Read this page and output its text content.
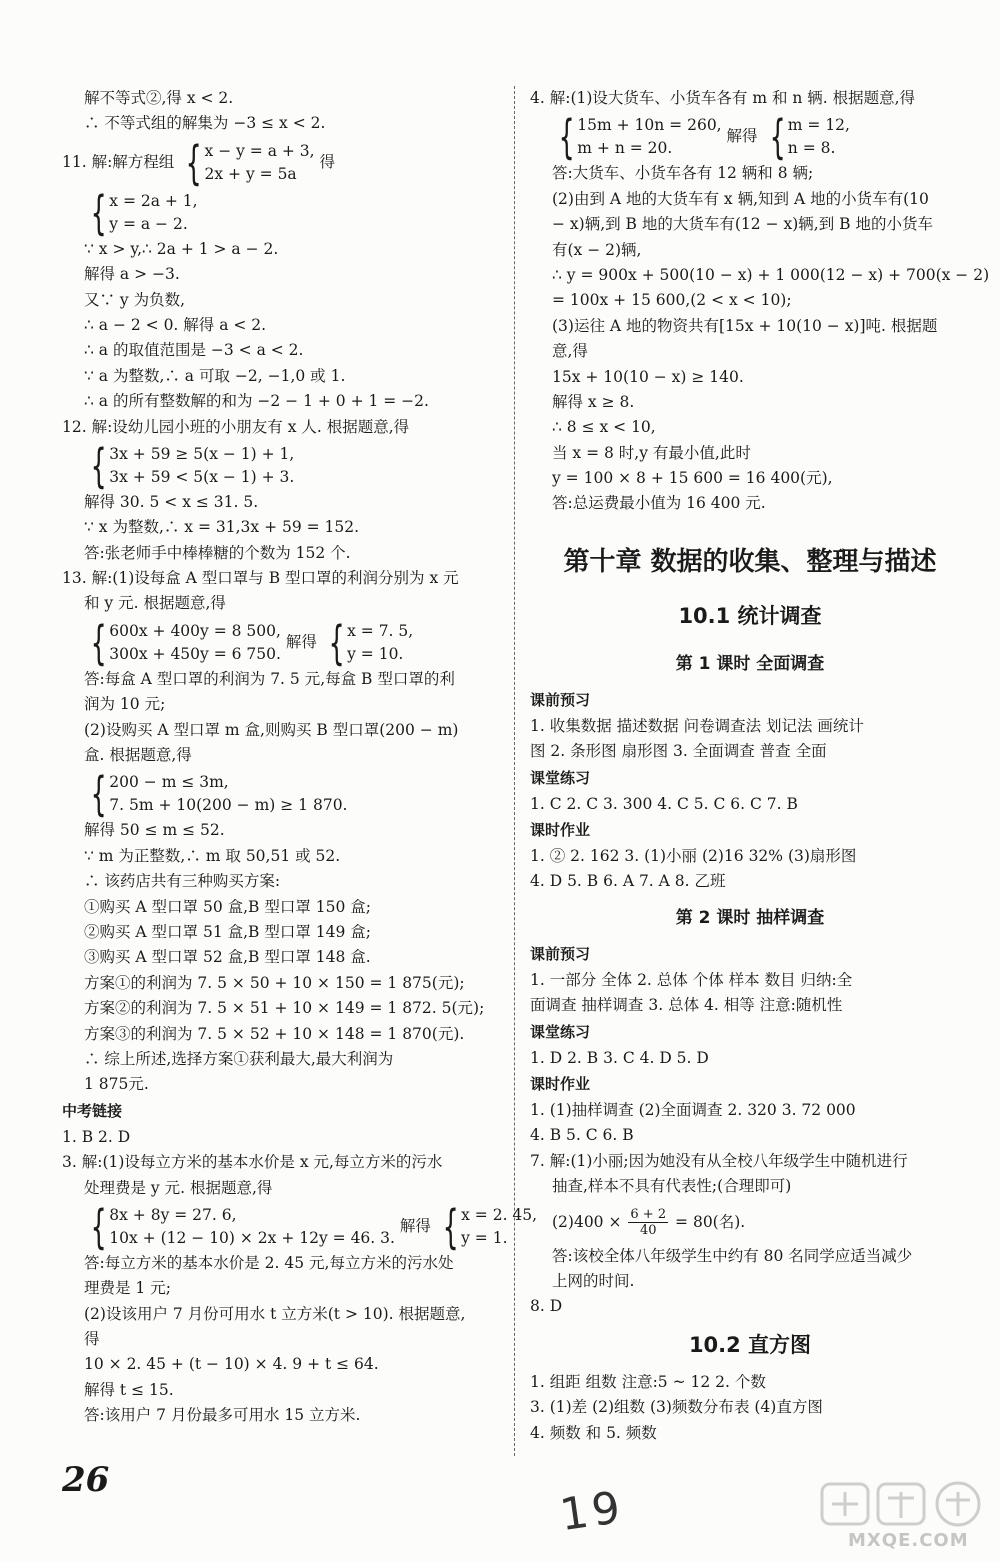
解不等式②,得 x < 2.
∴ 不等式组的解集为 −3 ≤ x < 2.
11. 解:解方程组 { x − y = a + 3,
2x + y = 5a
得
{ x = 2a + 1,
y = a − 2.
∵ x > y,∴ 2a + 1 > a − 2.
解得 a > −3.
又∵ y 为负数,
∴ a − 2 < 0. 解得 a < 2.
∴ a 的取值范围是 −3 < a < 2.
∵ a 为整数,∴ a 可取 −2, −1,0 或 1.
∴ a 的所有整数解的和为 −2 − 1 + 0 + 1 = −2.
12. 解:设幼儿园小班的小朋友有 x 人. 根据题意,得
{ 3x + 59 ≥ 5(x − 1) + 1,
3x + 59 < 5(x − 1) + 3.
解得 30. 5 < x ≤ 31. 5.
∵ x 为整数,∴ x = 31,3x + 59 = 152.
答:张老师手中棒棒糖的个数为 152 个.
13. 解:(1)设每盒 A 型口罩与 B 型口罩的利润分别为 x 元
和 y 元. 根据题意,得
{ 600x + 400y = 8 500,
300x + 450y = 6 750.
解得 { x = 7. 5,
y = 10.
答:每盒 A 型口罩的利润为 7. 5 元,每盒 B 型口罩的利
润为 10 元;
(2)设购买 A 型口罩 m 盒,则购买 B 型口罩(200 − m)
盒. 根据题意,得
{ 200 − m ≤ 3m,
7. 5m + 10(200 − m) ≥ 1 870.
解得 50 ≤ m ≤ 52.
∵ m 为正整数,∴ m 取 50,51 或 52.
∴ 该药店共有三种购买方案:
①购买 A 型口罩 50 盒,B 型口罩 150 盒;
②购买 A 型口罩 51 盒,B 型口罩 149 盒;
③购买 A 型口罩 52 盒,B 型口罩 148 盒.
方案①的利润为 7. 5 × 50 + 10 × 150 = 1 875(元);
方案②的利润为 7. 5 × 51 + 10 × 149 = 1 872. 5(元);
方案③的利润为 7. 5 × 52 + 10 × 148 = 1 870(元).
∴ 综上所述,选择方案①获利最大,最大利润为
1 875元.
中考链接
1. B 2. D
3. 解:(1)设每立方米的基本水价是 x 元,每立方米的污水
处理费是 y 元. 根据题意,得
{ 8x + 8y = 27. 6,
10x + (12 − 10) × 2x + 12y = 46. 3.
解得 { x = 2. 45,
y = 1.
答:每立方米的基本水价是 2. 45 元,每立方米的污水处
理费是 1 元;
(2)设该用户 7 月份可用水 t 立方米(t > 10). 根据题意,
得
10 × 2. 45 + (t − 10) × 4. 9 + t ≤ 64.
解得 t ≤ 15.
答:该用户 7 月份最多可用水 15 立方米.
4. 解:(1)设大货车、小货车各有 m 和 n 辆. 根据题意,得
{ 15m + 10n = 260,
m + n = 20.
解得 { m = 12,
n = 8.
答:大货车、小货车各有 12 辆和 8 辆;
(2)由到 A 地的大货车有 x 辆,知到 A 地的小货车有(10
− x)辆,到 B 地的大货车有(12 − x)辆,到 B 地的小货车
有(x − 2)辆,
∴ y = 900x + 500(10 − x) + 1 000(12 − x) + 700(x − 2)
= 100x + 15 600,(2 < x < 10);
(3)运往 A 地的物资共有[15x + 10(10 − x)]吨. 根据题
意,得
15x + 10(10 − x) ≥ 140.
解得 x ≥ 8.
∴ 8 ≤ x < 10,
当 x = 8 时,y 有最小值,此时
y = 100 × 8 + 15 600 = 16 400(元),
答:总运费最小值为 16 400 元.
第十章 数据的收集、整理与描述
10.1 统计调查
第 1 课时 全面调查
课前预习
1. 收集数据 描述数据 问卷调查法 划记法 画统计
图 2. 条形图 扇形图 3. 全面调查 普查 全面
课堂练习
1. C 2. C 3. 300 4. C 5. C 6. C 7. B
课时作业
1. ② 2. 162 3. (1)小丽 (2)16 32% (3)扇形图
4. D 5. B 6. A 7. A 8. 乙班
第 2 课时 抽样调查
课前预习
1. 一部分 全体 2. 总体 个体 样本 数目 归纳:全
面调查 抽样调查 3. 总体 4. 相等 注意:随机性
课堂练习
1. D 2. B 3. C 4. D 5. D
课时作业
1. (1)抽样调查 (2)全面调查 2. 320 3. 72 000
4. B 5. C 6. B
7. 解:(1)小丽;因为她没有从全校八年级学生中随机进行
抽查,样本不具有代表性;(合理即可)
$(2)400 \times \frac{6 + 2}{40} = 80$(名).
答:该校全体八年级学生中约有 80 名同学应适当减少
上网的时间.
8. D
10.2 直方图
1. 组距 组数 注意:5 ~ 12 2. 个数
3. (1)差 (2)组数 (3)频数分布表 (4)直方图
4. 频数 和 5. 频数
26
19	MXQE.COM
